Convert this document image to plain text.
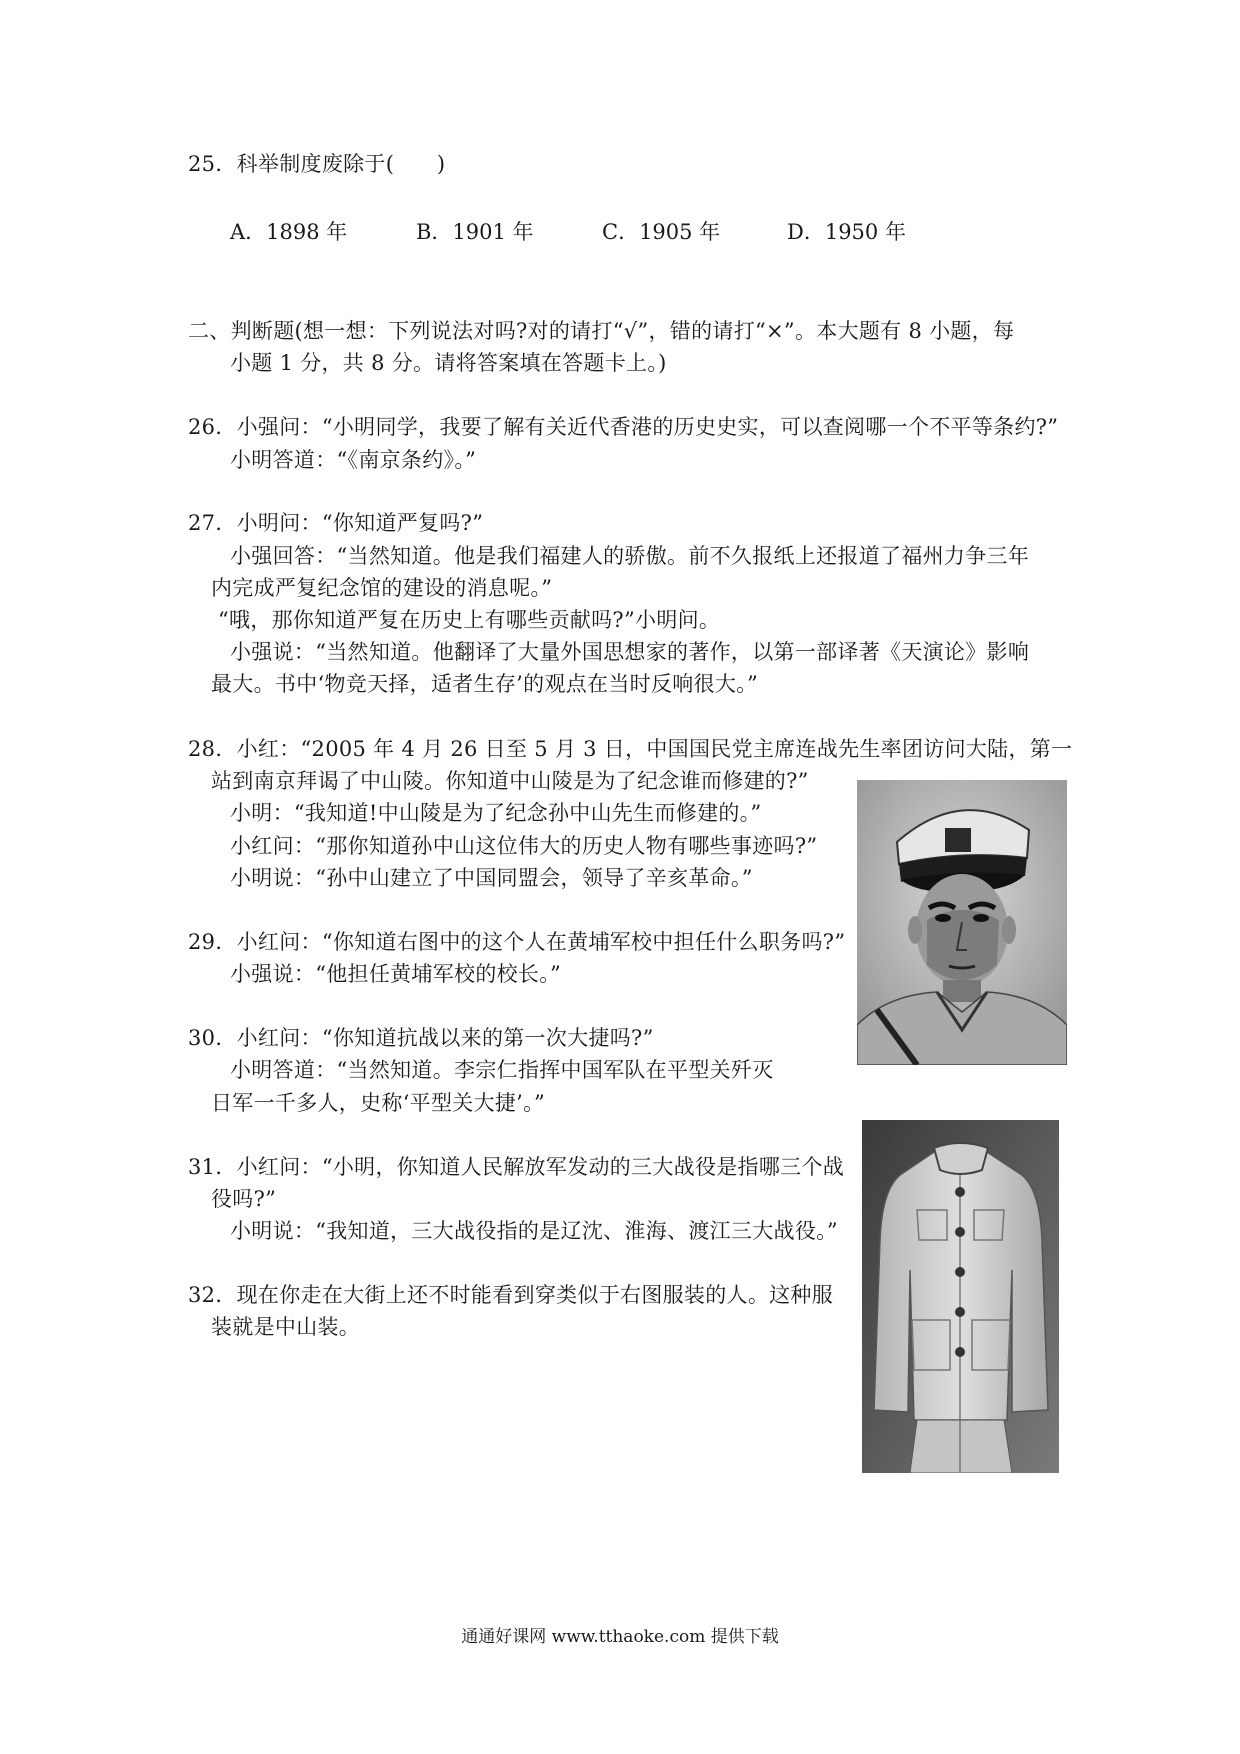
25．科举制度废除于(　　)
A．1898 年	B．1901 年	C．1905 年	D．1950 年
二、判断题(想一想：下列说法对吗?对的请打“√”，错的请打“×”。本大题有 8 小题，每
小题 1 分，共 8 分。请将答案填在答题卡上。)
26．小强问：“小明同学，我要了解有关近代香港的历史史实，可以查阅哪一个不平等条约?”
小明答道：“《南京条约》。”
27．小明问：“你知道严复吗?”
小强回答：“当然知道。他是我们福建人的骄傲。前不久报纸上还报道了福州力争三年
内完成严复纪念馆的建设的消息呢。”
“哦，那你知道严复在历史上有哪些贡献吗?”小明问。
小强说：“当然知道。他翻译了大量外国思想家的著作，以第一部译著《天演论》影响
最大。书中‘物竞天择，适者生存’的观点在当时反响很大。”
28．小红：“2005 年 4 月 26 日至 5 月 3 日，中国国民党主席连战先生率团访问大陆，第一
站到南京拜谒了中山陵。你知道中山陵是为了纪念谁而修建的?”
小明：“我知道!中山陵是为了纪念孙中山先生而修建的。”
小红问：“那你知道孙中山这位伟大的历史人物有哪些事迹吗?”
小明说：“孙中山建立了中国同盟会，领导了辛亥革命。”
29．小红问：“你知道右图中的这个人在黄埔军校中担任什么职务吗?”
小强说：“他担任黄埔军校的校长。”
30．小红问：“你知道抗战以来的第一次大捷吗?”
小明答道：“当然知道。李宗仁指挥中国军队在平型关歼灭
日军一千多人，史称‘平型关大捷’。”
31．小红问：“小明，你知道人民解放军发动的三大战役是指哪三个战
役吗?”
小明说：“我知道，三大战役指的是辽沈、淮海、渡江三大战役。”
32．现在你走在大街上还不时能看到穿类似于右图服装的人。这种服
装就是中山装。
通通好课网 www.tthaoke.com 提供下载
